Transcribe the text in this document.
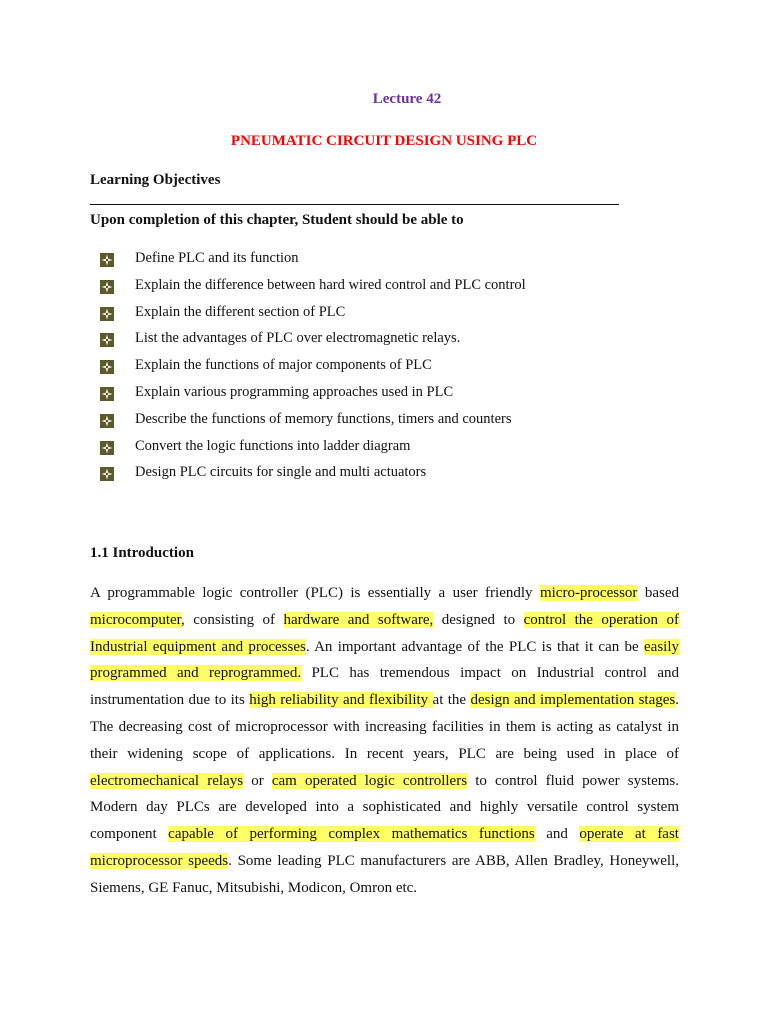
Lecture 42
PNEUMATIC CIRCUIT DESIGN USING PLC
Learning Objectives
Upon completion of this chapter, Student should be able to
Define PLC and its function
Explain the difference between hard wired control and PLC control
Explain the different section of PLC
List the advantages of PLC over electromagnetic relays.
Explain the functions of major components of PLC
Explain various programming approaches used in PLC
Describe the functions of memory functions, timers and counters
Convert the logic functions into ladder diagram
Design PLC circuits for single and multi actuators
1.1 Introduction

A programmable logic controller (PLC) is essentially a user friendly micro-processor based microcomputer, consisting of hardware and software, designed to control the operation of Industrial equipment and processes. An important advantage of the PLC is that it can be easily programmed and reprogrammed. PLC has tremendous impact on Industrial control and instrumentation due to its high reliability and flexibility at the design and implementation stages. The decreasing cost of microprocessor with increasing facilities in them is acting as catalyst in their widening scope of applications. In recent years, PLC are being used in place of electromechanical relays or cam operated logic controllers to control fluid power systems. Modern day PLCs are developed into a sophisticated and highly versatile control system component capable of performing complex mathematics functions and operate at fast microprocessor speeds. Some leading PLC manufacturers are ABB, Allen Bradley, Honeywell, Siemens, GE Fanuc, Mitsubishi, Modicon, Omron etc.
